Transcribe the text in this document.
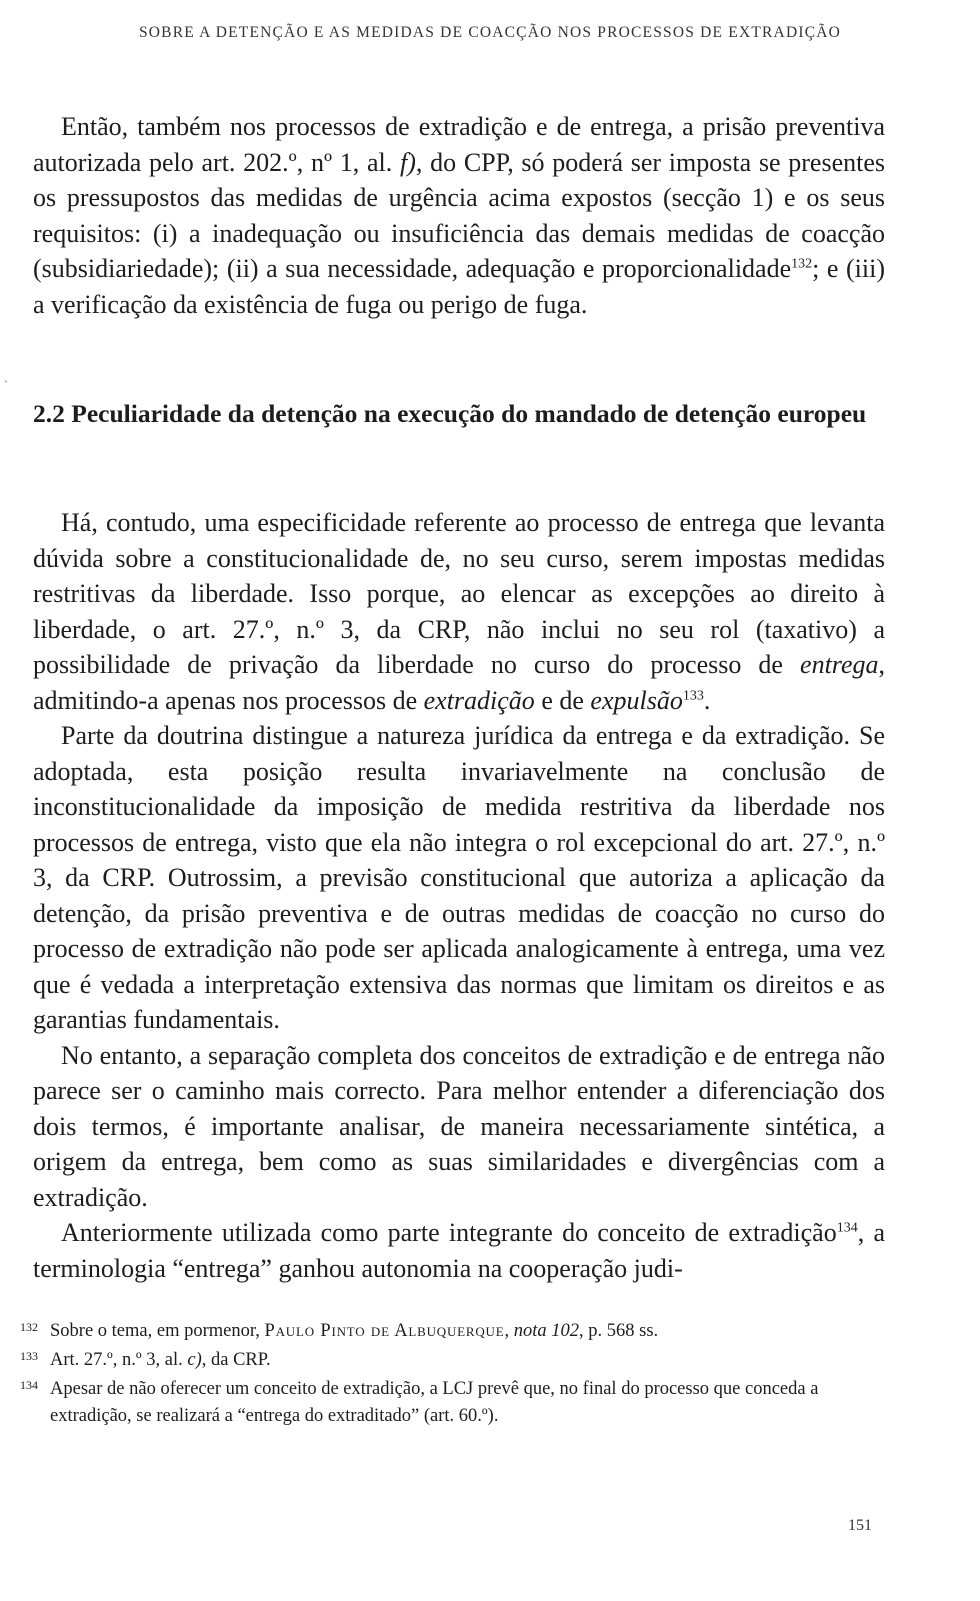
SOBRE A DETENÇÃO E AS MEDIDAS DE COACÇÃO NOS PROCESSOS DE EXTRADIÇÃO

Então, também nos processos de extradição e de entrega, a prisão preventiva autorizada pelo art. 202.º, nº 1, al. f), do CPP, só poderá ser imposta se presentes os pressupostos das medidas de urgência acima expostos (secção 1) e os seus requisitos: (i) a inadequação ou insuficiência das demais medidas de coacção (subsidiariedade); (ii) a sua necessidade, adequação e proporcionalidade$^{132}$; e (iii) a verificação da existência de fuga ou perigo de fuga.

`
2.2 Peculiaridade da detenção na execução do mandado de detenção europeu

Há, contudo, uma especificidade referente ao processo de entrega que levanta dúvida sobre a constitucionalidade de, no seu curso, serem impostas medidas restritivas da liberdade. Isso porque, ao elencar as excepções ao direito à liberdade, o art. 27.º, n.º 3, da CRP, não inclui no seu rol (taxativo) a possibilidade de privação da liberdade no curso do processo de entrega, admitindo-a apenas nos processos de extradição e de expulsão$^{133}$.

Parte da doutrina distingue a natureza jurídica da entrega e da extradição. Se adoptada, esta posição resulta invariavelmente na conclusão de inconstitucionalidade da imposição de medida restritiva da liberdade nos processos de entrega, visto que ela não integra o rol excepcional do art. 27.º, n.º 3, da CRP. Outrossim, a previsão constitucional que autoriza a aplicação da detenção, da prisão preventiva e de outras medidas de coacção no curso do processo de extradição não pode ser aplicada analogicamente à entrega, uma vez que é vedada a interpretação extensiva das normas que limitam os direitos e as garantias fundamentais.

No entanto, a separação completa dos conceitos de extradição e de entrega não parece ser o caminho mais correcto. Para melhor entender a diferenciação dos dois termos, é importante analisar, de maneira necessariamente sintética, a origem da entrega, bem como as suas similaridades e divergências com a extradição.

Anteriormente utilizada como parte integrante do conceito de extradição$^{134}$, a terminologia “entrega” ganhou autonomia na cooperação judi-

132 Sobre o tema, em pormenor, Paulo Pinto de Albuquerque, nota 102, p. 568 ss.
133 Art. 27.º, n.º 3, al. c), da CRP.
134 Apesar de não oferecer um conceito de extradição, a LCJ prevê que, no final do processo que conceda a extradição, se realizará a “entrega do extraditado” (art. 60.º).
151
